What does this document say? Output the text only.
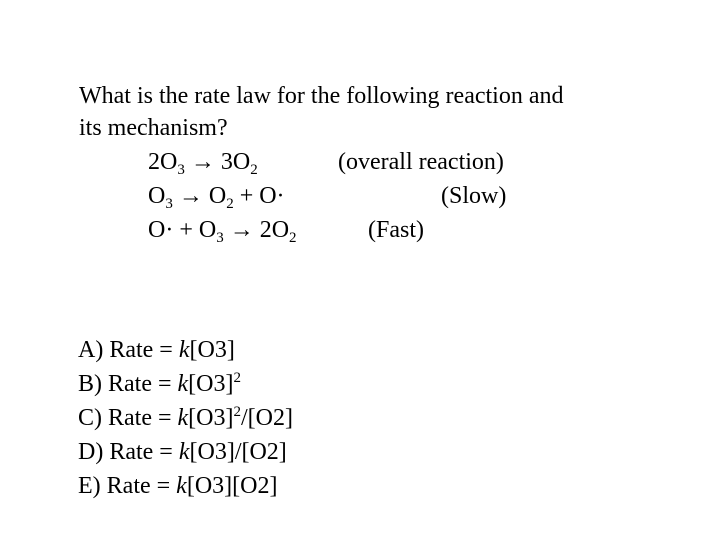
What is the rate law for the following reaction and
its mechanism?
$2O_3 \to 3O_2$	(overall reaction)
$O_3 \to O_2 + O\cdot$	(Slow)
$O\cdot + O_3 \to 2O_2$	(Fast)
A) Rate = k[O3]
B) Rate = $k[O3]^2$
C) Rate = $k[O3]^2/[O2]$
D) Rate = k[O3]/[O2]
E) Rate = k[O3][O2]
